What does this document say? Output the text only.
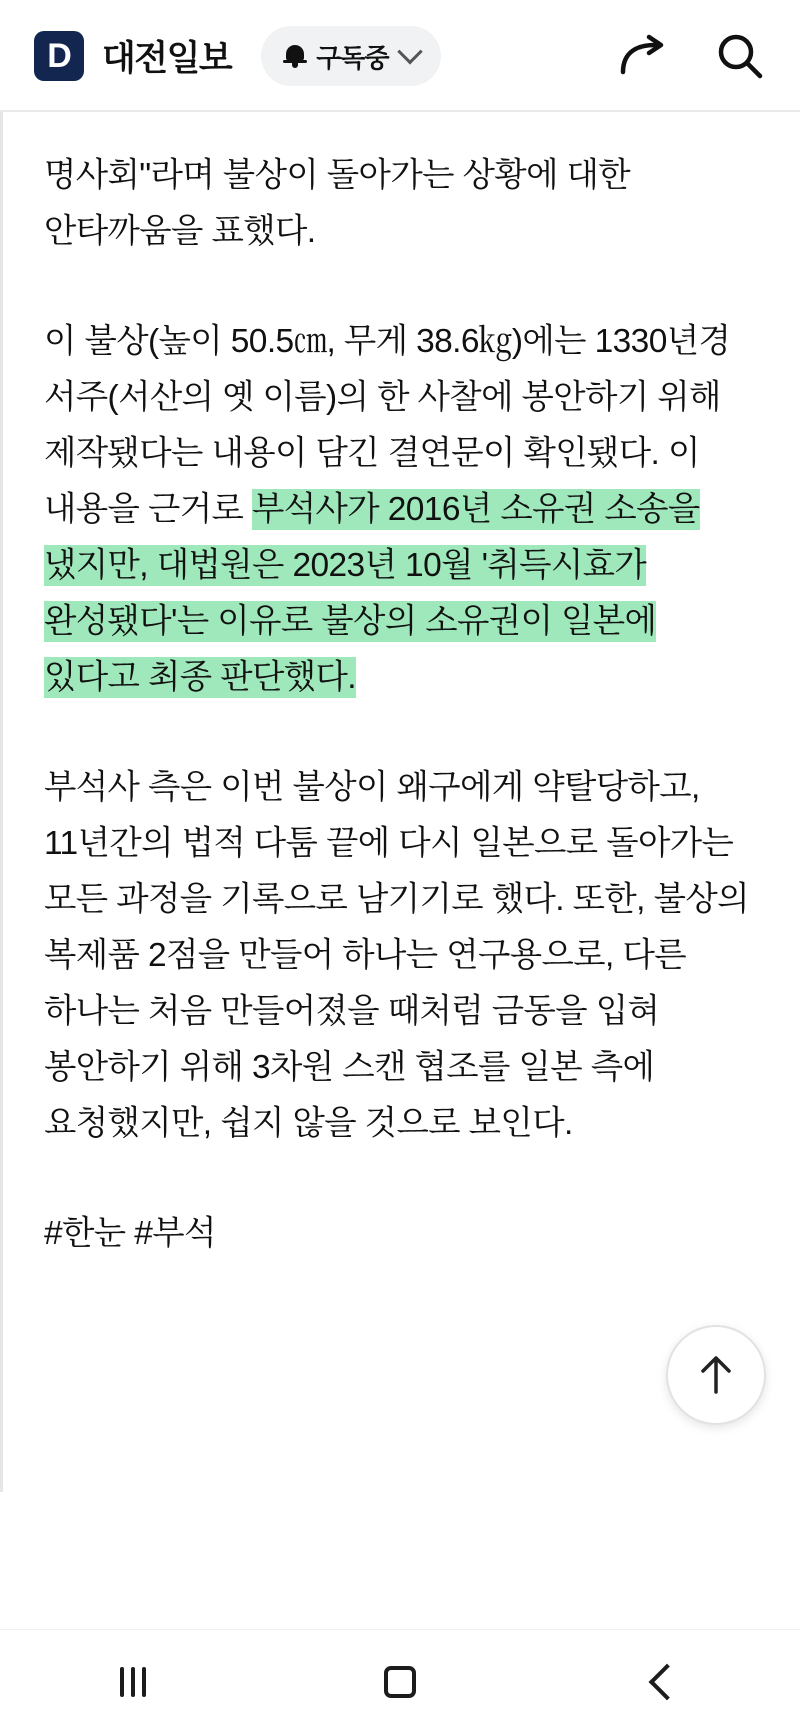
D 대전일보	구독중

명사회"라며 불상이 돌아가는 상황에 대한 안타까움을 표했다.

이 불상(높이 50.5㎝, 무게 38.6㎏)에는 1330년경 서주(서산의 옛 이름)의 한 사찰에 봉안하기 위해 제작됐다는 내용이 담긴 결연문이 확인됐다. 이 내용을 근거로 부석사가 2016년 소유권 소송을 냈지만, 대법원은 2023년 10월 '취득시효가 완성됐다'는 이유로 불상의 소유권이 일본에 있다고 최종 판단했다.

부석사 측은 이번 불상이 왜구에게 약탈당하고, 11년간의 법적 다툼 끝에 다시 일본으로 돌아가는 모든 과정을 기록으로 남기기로 했다. 또한, 불상의 복제품 2점을 만들어 하나는 연구용으로, 다른 하나는 처음 만들어졌을 때처럼 금동을 입혀 봉안하기 위해 3차원 스캔 협조를 일본 측에 요청했지만, 쉽지 않을 것으로 보인다.

#한눈 #부석
